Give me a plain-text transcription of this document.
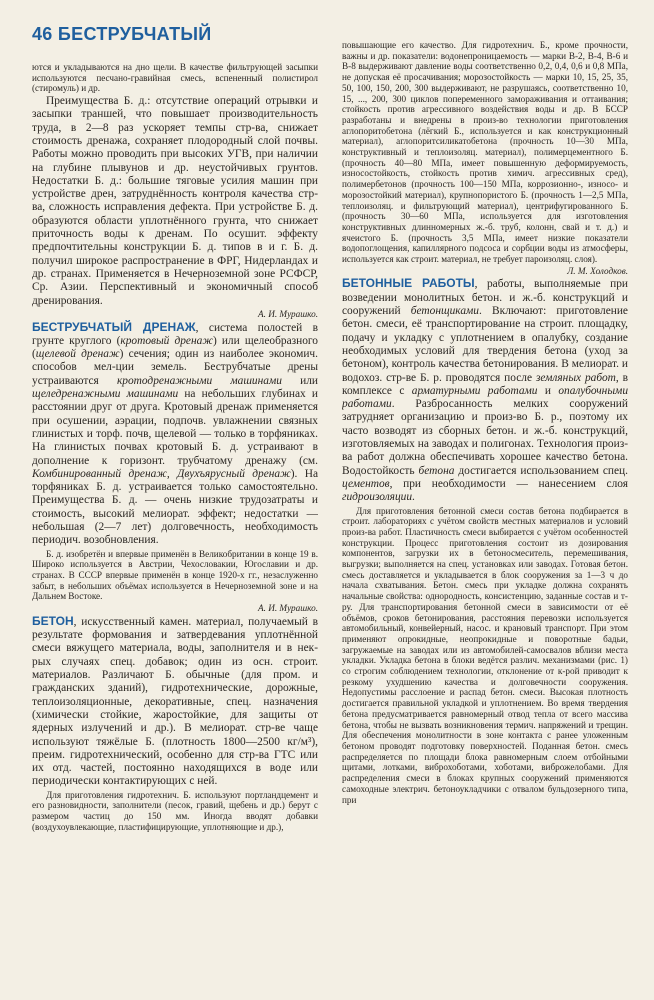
46 БЕСТРУБЧАТЫЙ

ются и укладываются на дно щели. В качестве фильтрующей засыпки используются песчано-гравийная смесь, вспененный полистирол (стиромуль) и др.

Преимущества Б. д.: отсутствие операций отрывки и засыпки траншей, что повышает производительность труда, в 2—8 раз ускоряет темпы стр-ва, снижает стоимость дренажа, сохраняет плодородный слой почвы. Работы можно проводить при высоких УГВ, при наличии на глубине плывунов и др. неустойчивых грунтов. Недостатки Б. д.: большие тяговые усилия машин при устройстве дрен, затруднённость контроля качества стр-ва, сложность исправления дефекта. При устройстве Б. д. образуются области уплотнённого грунта, что снижает приточность воды к дренам. По осушит. эффекту предпочтительны конструкции Б. д. типов в и г. Б. д. получил широкое распространение в ФРГ, Нидерландах и др. странах. Применяется в Нечерноземной зоне РСФСР, Ср. Азии. Перспективный и экономичный способ дренирования.

А. И. Мурашко.

БЕСТРУБЧАТЫЙ ДРЕНАЖ, система полостей в грунте круглого (кротовый дренаж) или щелеобразного (щелевой дренаж) сечения; один из наиболее экономич. способов мел-ции земель. Беструбчатые дрены устраиваются кротодренажными машинами или щеледренажными машинами на небольших глубинах и расстоянии друг от друга. Кротовый дренаж применяется при осушении, аэрации, подпочв. увлажнении связных глинистых и торф. почв, щелевой — только в торфяниках. На глинистых почвах кротовый Б. д. устраивают в дополнение к горизонт. трубчатому дренажу (см. Комбинированный дренаж, Двухъярусный дренаж). На торфяниках Б. д. устраивается только самостоятельно. Преимущества Б. д. — очень низкие трудозатраты и стоимость, высокий мелиорат. эффект; недостатки — небольшая (2—7 лет) долговечность, необходимость периодич. возобновления.

Б. д. изобретён и впервые применён в Великобритании в конце 19 в. Широко используется в Австрии, Чехословакии, Югославии и др. странах. В СССР впервые применён в конце 1920-х гг., незаслуженно забыт, в небольших объёмах используется в Нечерноземной зоне и на Дальнем Востоке.

А. И. Мурашко.

БЕТОН, искусственный камен. материал, получаемый в результате формования и затвердевания уплотнённой смеси вяжущего материала, воды, заполнителя и в нек-рых случаях спец. добавок; один из осн. строит. материалов. Различают Б. обычные (для пром. и гражданских зданий), гидротехнические, дорожные, теплоизоляционные, декоративные, спец. назначения (химически стойкие, жаростойкие, для защиты от ядерных излучений и др.). В мелиорат. стр-ве чаще используют тяжёлые Б. (плотность 1800—2500 кг/м³), преим. гидротехнический, особенно для стр-ва ГТС или их отд. частей, постоянно находящихся в воде или периодически контактирующих с ней.

Для приготовления гидротехнич. Б. используют портландцемент и его разновидности, заполнители (песок, гравий, щебень и др.) берут с размером частиц до 150 мм. Иногда вводят добавки (воздухоувлекающие, пластифицирующие, уплотняющие и др.),

повышающие его качество. Для гидротехнич. Б., кроме прочности, важны и др. показатели: водонепроницаемость — марки В-2, В-4, В-6 и В-8 выдерживают давление воды соответственно 0,2, 0,4, 0,6 и 0,8 МПа, не допуская её просачивания; морозостойкость — марки 10, 15, 25, 35, 50, 100, 150, 200, 300 выдерживают, не разрушаясь, соответственно 10, 15, ..., 200, 300 циклов попеременного замораживания и оттаивания; стойкость против агрессивного воздействия воды и др. В БССР разработаны и внедрены в произ-во технологии приготовления аглопоритобетона (лёгкий Б., используется и как конструкционный материал), аглопоритсиликатобетона (прочность 10—30 МПа, конструктивный и теплоизоляц. материал), полимерцементного Б. (прочность 40—80 МПа, имеет повышенную деформируемость, износостойкость, стойкость против химич. агрессивных сред), полимербетонов (прочность 100—150 МПа, коррозионно-, износо- и морозостойкий материал), крупнопористого Б. (прочность 1—2,5 МПа, теплоизоляц. и фильтрующий материал), центрифугированного Б. (прочность 30—60 МПа, используется для изготовления конструктивных длинномерных ж.-б. труб, колонн, свай и т. д.) и ячеистого Б. (прочность 3,5 МПа, имеет низкие показатели водопоглощения, капиллярного подсоса и сорбции воды из атмосферы, используется как строит. материал, не требует пароизоляц. слоя).

Л. М. Холодков.

БЕТОННЫЕ РАБОТЫ, работы, выполняемые при возведении монолитных бетон. и ж.-б. конструкций и сооружений бетонщиками. Включают: приготовление бетон. смеси, её транспортирование на строит. площадку, подачу и укладку с уплотнением в опалубку, создание необходимых условий для твердения бетона (уход за бетоном), контроль качества бетонирования. В мелиорат. и водохоз. стр-ве Б. р. проводятся после земляных работ, в комплексе с арматурными работами и опалубочными работами. Разбросанность мелких сооружений затрудняет организацию и произ-во Б. р., поэтому их часто возводят из сборных бетон. и ж.-б. конструкций, изготовляемых на заводах и полигонах. Технология произ-ва работ должна обеспечивать хорошее качество бетона. Водостойкость бетона достигается использованием спец. цементов, при необходимости — нанесением слоя гидроизоляции.

Для приготовления бетонной смеси состав бетона подбирается в строит. лабораториях с учётом свойств местных материалов и условий произ-ва работ. Пластичность смеси выбирается с учётом особенностей конструкции. Процесс приготовления состоит из дозирования компонентов, загрузки их в бетоносмеситель, перемешивания, выгрузки; выполняется на спец. установках или заводах. Готовая бетон. смесь доставляется и укладывается в блок сооружения за 1—3 ч до начала схватывания. Бетон. смесь при укладке должна сохранять начальные свойства: однородность, консистенцию, заданные состав и т-ру. Для транспортирования бетонной смеси в зависимости от её объёмов, сроков бетонирования, расстояния перевозки используется автомобильный, конвейерный, насос. и крановый транспорт. При этом применяют опрокидные, неопрокидные и поворотные бадьи, загружаемые на заводах или из автомобилей-самосвалов вблизи места укладки. Укладка бетона в блоки ведётся различ. механизмами (рис. 1) со строгим соблюдением технологии, отклонение от к-рой приводит к резкому ухудшению качества и долговечности сооружения. Недопустимы расслоение и распад бетон. смеси. Высокая плотность достигается правильной укладкой и уплотнением. Во время твердения бетона предусматривается равномерный отвод тепла от всего массива бетона, чтобы не вызвать возникновения термич. напряжений и трещин. Для обеспечения монолитности в зоне контакта с ранее уложенным бетоном проводят подготовку поверхностей. Поданная бетон. смесь распределяется по площади блока равномерным слоем отбойными щитами, лотками, виброхоботами, хоботами, виброжелобами. Для распределения смеси в блоках крупных сооружений применяются самоходные электрич. бетоноукладчики с отвалом бульдозерного типа, при
